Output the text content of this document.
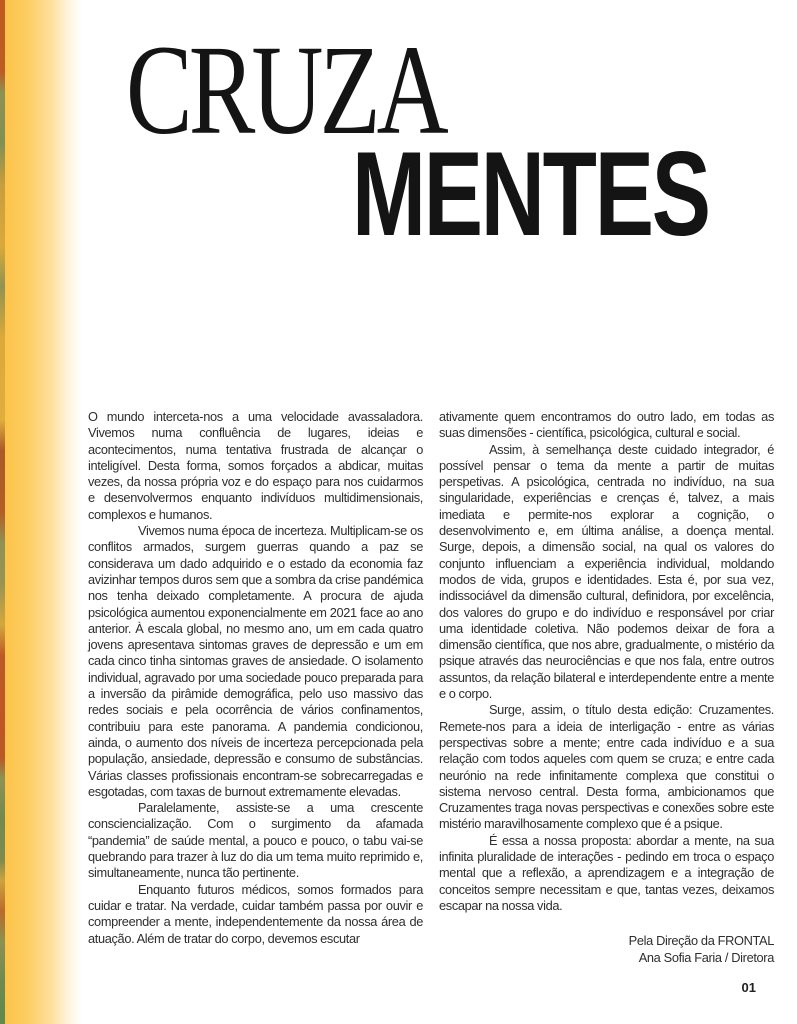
CRUZA
MENTES

O mundo interceta-nos a uma velocidade avassaladora. Vivemos numa confluência de lugares, ideias e acontecimentos, numa tentativa frustrada de alcançar o inteligível. Desta forma, somos forçados a abdicar, muitas vezes, da nossa própria voz e do espaço para nos cuidarmos e desenvolvermos enquanto indivíduos multidimensionais, complexos e humanos.

Vivemos numa época de incerteza. Multiplicam-se os conflitos armados, surgem guerras quando a paz se considerava um dado adquirido e o estado da economia faz avizinhar tempos duros sem que a sombra da crise pandémica nos tenha deixado completamente. A procura de ajuda psicológica aumentou exponencialmente em 2021 face ao ano anterior. À escala global, no mesmo ano, um em cada quatro jovens apresentava sintomas graves de depressão e um em cada cinco tinha sintomas graves de ansiedade. O isolamento individual, agravado por uma sociedade pouco preparada para a inversão da pirâmide demográfica, pelo uso massivo das redes sociais e pela ocorrência de vários confinamentos, contribuiu para este panorama. A pandemia condicionou, ainda, o aumento dos níveis de incerteza percepcionada pela população, ansiedade, depressão e consumo de substâncias. Várias classes profissionais encontram-se sobrecarregadas e esgotadas, com taxas de burnout extremamente elevadas.

Paralelamente, assiste-se a uma crescente consciencialização. Com o surgimento da afamada “pandemia” de saúde mental, a pouco e pouco, o tabu vai-se quebrando para trazer à luz do dia um tema muito reprimido e, simultaneamente, nunca tão pertinente.

Enquanto futuros médicos, somos formados para cuidar e tratar. Na verdade, cuidar também passa por ouvir e compreender a mente, independentemente da nossa área de atuação. Além de tratar do corpo, devemos escutar

ativamente quem encontramos do outro lado, em todas as suas dimensões - científica, psicológica, cultural e social.

Assim, à semelhança deste cuidado integrador, é possível pensar o tema da mente a partir de muitas perspetivas. A psicológica, centrada no indivíduo, na sua singularidade, experiências e crenças é, talvez, a mais imediata e permite-nos explorar a cognição, o desenvolvimento e, em última análise, a doença mental. Surge, depois, a dimensão social, na qual os valores do conjunto influenciam a experiência individual, moldando modos de vida, grupos e identidades. Esta é, por sua vez, indissociável da dimensão cultural, definidora, por excelência, dos valores do grupo e do indivíduo e responsável por criar uma identidade coletiva. Não podemos deixar de fora a dimensão científica, que nos abre, gradualmente, o mistério da psique através das neurociências e que nos fala, entre outros assuntos, da relação bilateral e interdependente entre a mente e o corpo.

Surge, assim, o título desta edição: Cruzamentes. Remete-nos para a ideia de interligação - entre as várias perspectivas sobre a mente; entre cada indivíduo e a sua relação com todos aqueles com quem se cruza; e entre cada neurónio na rede infinitamente complexa que constitui o sistema nervoso central. Desta forma, ambicionamos que Cruzamentes traga novas perspectivas e conexões sobre este mistério maravilhosamente complexo que é a psique.

É essa a nossa proposta: abordar a mente, na sua infinita pluralidade de interações - pedindo em troca o espaço mental que a reflexão, a aprendizagem e a integração de conceitos sempre necessitam e que, tantas vezes, deixamos escapar na nossa vida.

Pela Direção da FRONTAL
Ana Sofia Faria / Diretora
01
